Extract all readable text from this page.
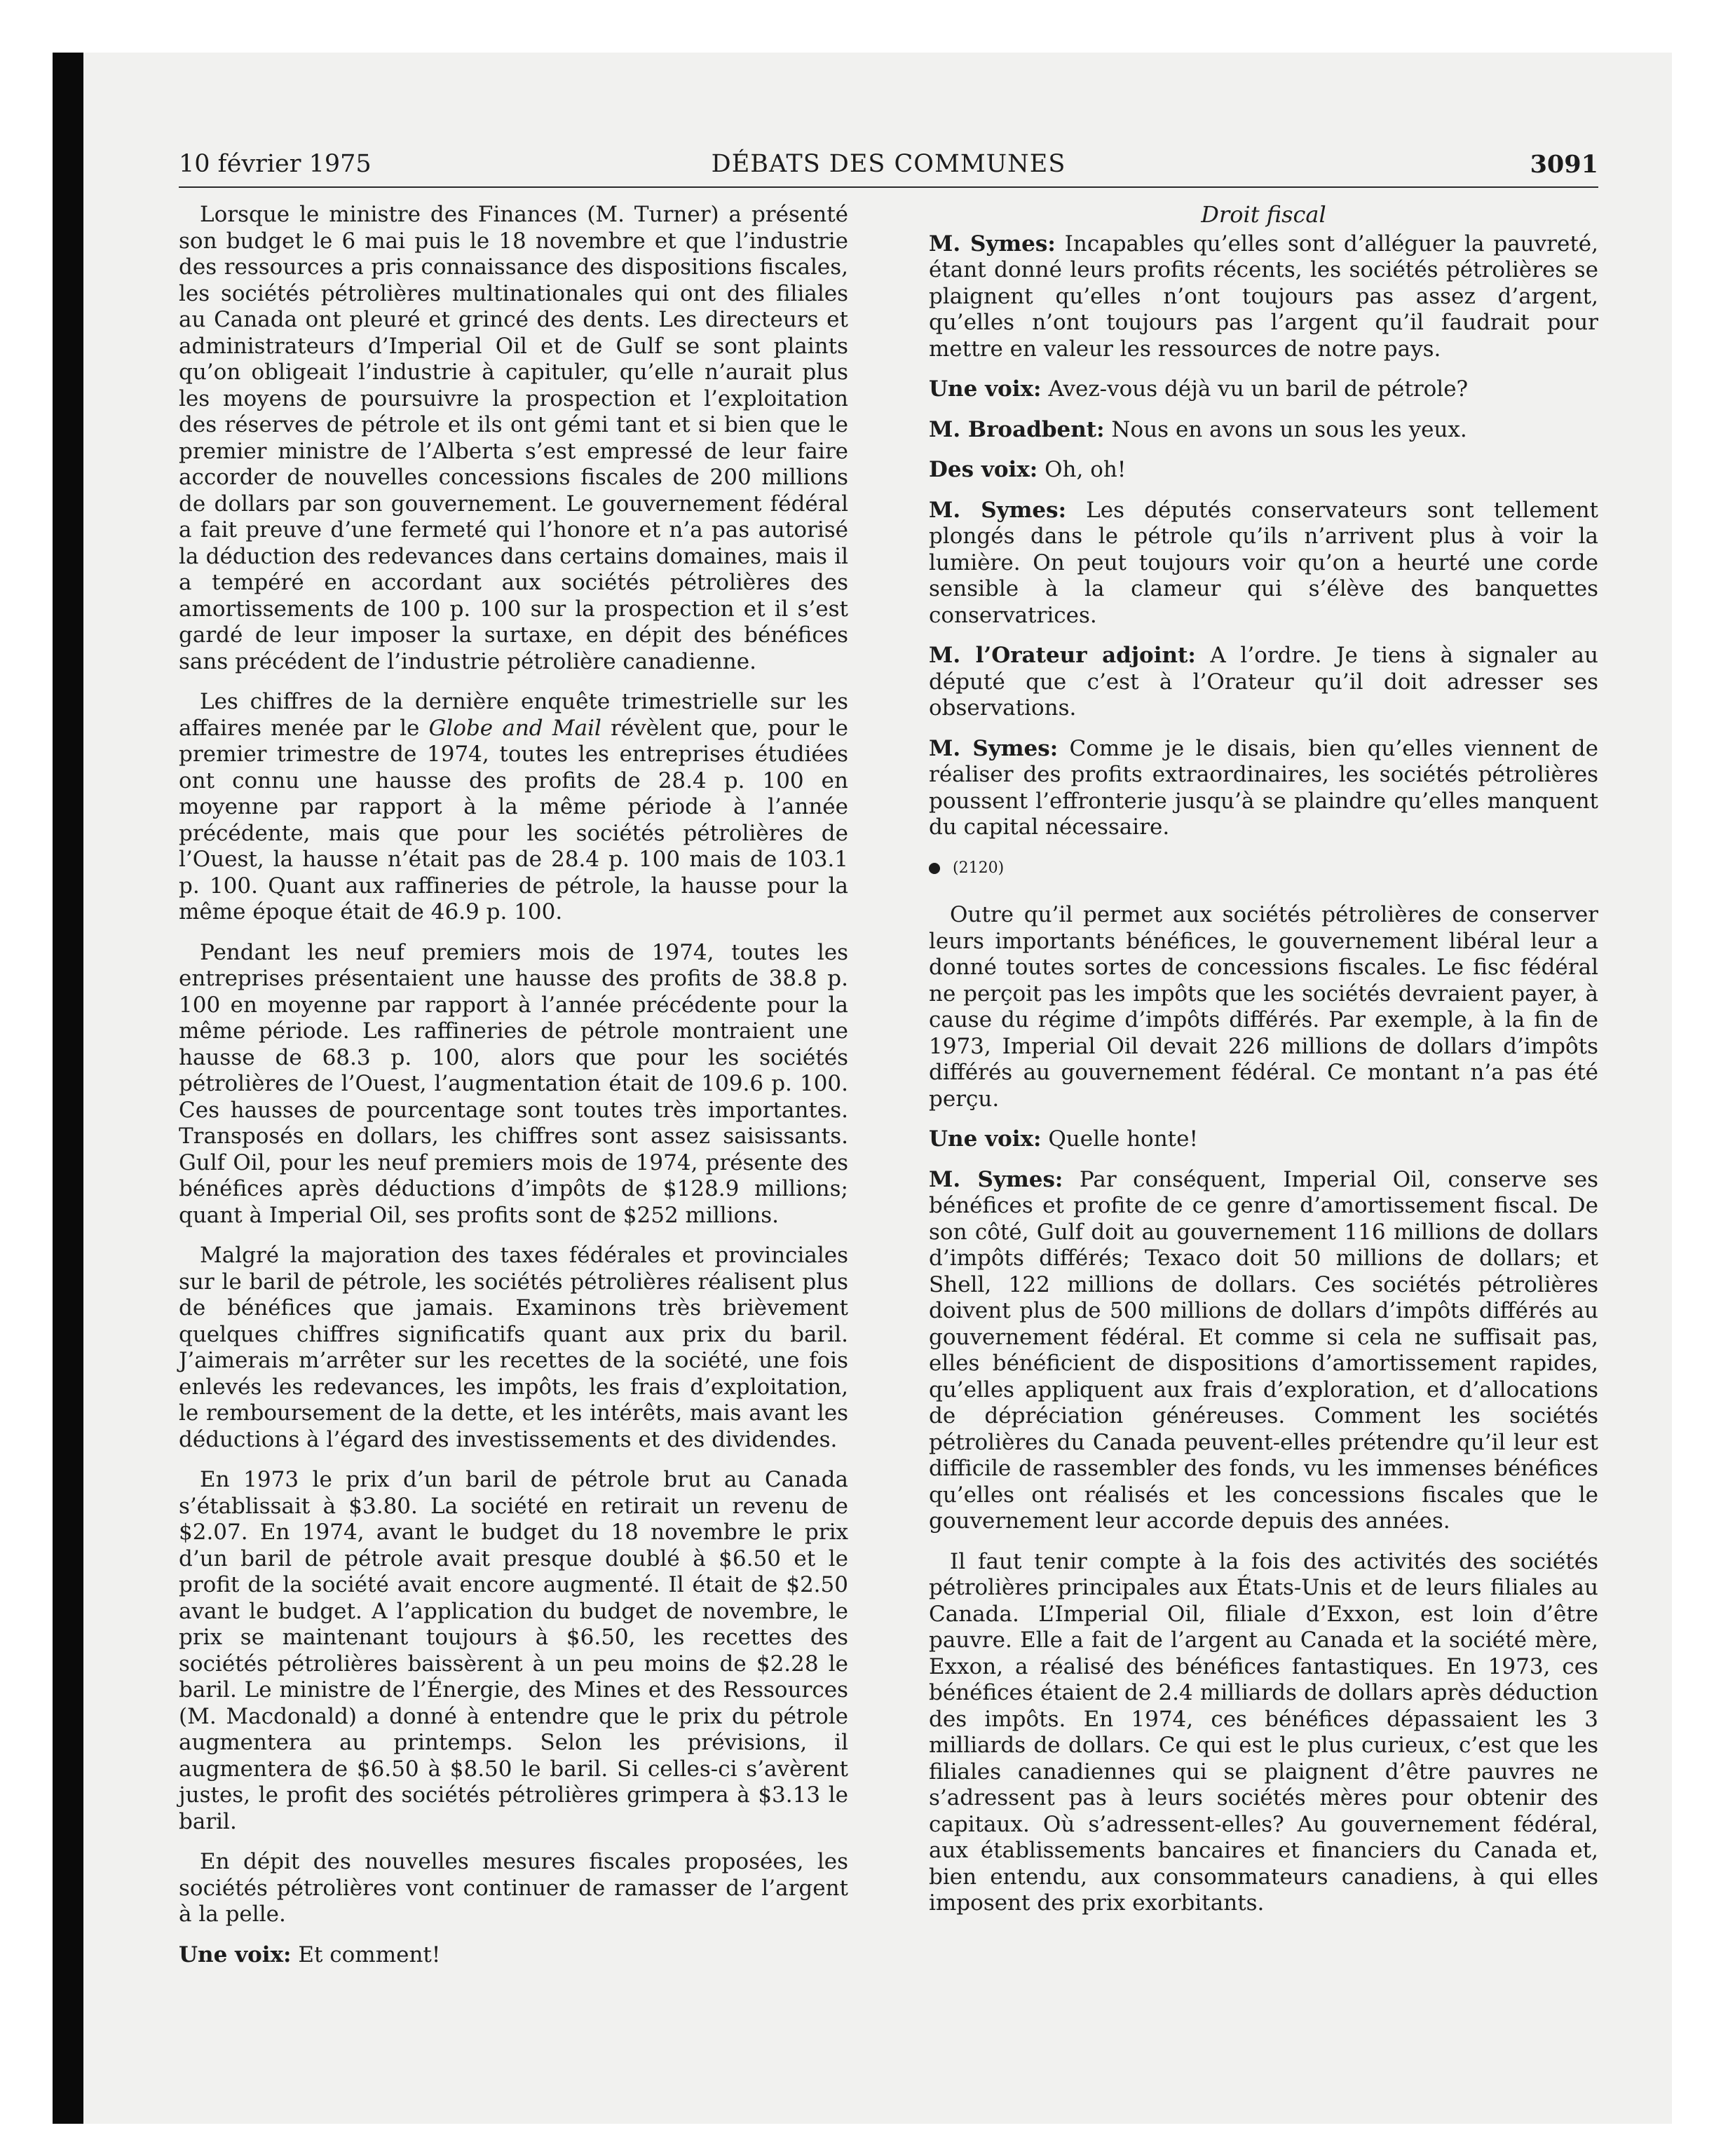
10 février 1975	DÉBATS DES COMMUNES	3091

Lorsque le ministre des Finances (M. Turner) a présenté son budget le 6 mai puis le 18 novembre et que l’industrie des ressources a pris connaissance des dispositions fiscales, les sociétés pétrolières multinationales qui ont des filiales au Canada ont pleuré et grincé des dents. Les directeurs et administrateurs d’Imperial Oil et de Gulf se sont plaints qu’on obligeait l’industrie à capituler, qu’elle n’aurait plus les moyens de poursuivre la prospection et l’exploitation des réserves de pétrole et ils ont gémi tant et si bien que le premier ministre de l’Alberta s’est empressé de leur faire accorder de nouvelles concessions fiscales de 200 millions de dollars par son gouvernement. Le gouvernement fédéral a fait preuve d’une fermeté qui l’honore et n’a pas autorisé la déduction des redevances dans certains domaines, mais il a tempéré en accordant aux sociétés pétrolières des amortissements de 100 p. 100 sur la prospection et il s’est gardé de leur imposer la surtaxe, en dépit des bénéfices sans précédent de l’industrie pétrolière canadienne.

Les chiffres de la dernière enquête trimestrielle sur les affaires menée par le Globe and Mail révèlent que, pour le premier trimestre de 1974, toutes les entreprises étudiées ont connu une hausse des profits de 28.4 p. 100 en moyenne par rapport à la même période à l’année précédente, mais que pour les sociétés pétrolières de l’Ouest, la hausse n’était pas de 28.4 p. 100 mais de 103.1 p. 100. Quant aux raffineries de pétrole, la hausse pour la même époque était de 46.9 p. 100.

Pendant les neuf premiers mois de 1974, toutes les entreprises présentaient une hausse des profits de 38.8 p. 100 en moyenne par rapport à l’année précédente pour la même période. Les raffineries de pétrole montraient une hausse de 68.3 p. 100, alors que pour les sociétés pétrolières de l’Ouest, l’augmentation était de 109.6 p. 100. Ces hausses de pourcentage sont toutes très importantes. Transposés en dollars, les chiffres sont assez saisissants. Gulf Oil, pour les neuf premiers mois de 1974, présente des bénéfices après déductions d’impôts de $128.9 millions; quant à Imperial Oil, ses profits sont de $252 millions.

Malgré la majoration des taxes fédérales et provinciales sur le baril de pétrole, les sociétés pétrolières réalisent plus de bénéfices que jamais. Examinons très brièvement quelques chiffres significatifs quant aux prix du baril. J’aimerais m’arrêter sur les recettes de la société, une fois enlevés les redevances, les impôts, les frais d’exploitation, le remboursement de la dette, et les intérêts, mais avant les déductions à l’égard des investissements et des dividendes.

En 1973 le prix d’un baril de pétrole brut au Canada s’établissait à $3.80. La société en retirait un revenu de $2.07. En 1974, avant le budget du 18 novembre le prix d’un baril de pétrole avait presque doublé à $6.50 et le profit de la société avait encore augmenté. Il était de $2.50 avant le budget. A l’application du budget de novembre, le prix se maintenant toujours à $6.50, les recettes des sociétés pétrolières baissèrent à un peu moins de $2.28 le baril. Le ministre de l’Énergie, des Mines et des Ressources (M. Macdonald) a donné à entendre que le prix du pétrole augmentera au printemps. Selon les prévisions, il augmentera de $6.50 à $8.50 le baril. Si celles-ci s’avèrent justes, le profit des sociétés pétrolières grimpera à $3.13 le baril.

En dépit des nouvelles mesures fiscales proposées, les sociétés pétrolières vont continuer de ramasser de l’argent à la pelle.

Une voix: Et comment!

Droit fiscal

M. Symes: Incapables qu’elles sont d’alléguer la pauvreté, étant donné leurs profits récents, les sociétés pétrolières se plaignent qu’elles n’ont toujours pas assez d’argent, qu’elles n’ont toujours pas l’argent qu’il faudrait pour mettre en valeur les ressources de notre pays.

Une voix: Avez-vous déjà vu un baril de pétrole?

M. Broadbent: Nous en avons un sous les yeux.

Des voix: Oh, oh!

M. Symes: Les députés conservateurs sont tellement plongés dans le pétrole qu’ils n’arrivent plus à voir la lumière. On peut toujours voir qu’on a heurté une corde sensible à la clameur qui s’élève des banquettes conservatrices.

M. l’Orateur adjoint: A l’ordre. Je tiens à signaler au député que c’est à l’Orateur qu’il doit adresser ses observations.

M. Symes: Comme je le disais, bien qu’elles viennent de réaliser des profits extraordinaires, les sociétés pétrolières poussent l’effronterie jusqu’à se plaindre qu’elles manquent du capital nécessaire.

(2120)

Outre qu’il permet aux sociétés pétrolières de conserver leurs importants bénéfices, le gouvernement libéral leur a donné toutes sortes de concessions fiscales. Le fisc fédéral ne perçoit pas les impôts que les sociétés devraient payer, à cause du régime d’impôts différés. Par exemple, à la fin de 1973, Imperial Oil devait 226 millions de dollars d’impôts différés au gouvernement fédéral. Ce montant n’a pas été perçu.

Une voix: Quelle honte!

M. Symes: Par conséquent, Imperial Oil, conserve ses bénéfices et profite de ce genre d’amortissement fiscal. De son côté, Gulf doit au gouvernement 116 millions de dollars d’impôts différés; Texaco doit 50 millions de dollars; et Shell, 122 millions de dollars. Ces sociétés pétrolières doivent plus de 500 millions de dollars d’impôts différés au gouvernement fédéral. Et comme si cela ne suffisait pas, elles bénéficient de dispositions d’amortissement rapides, qu’elles appliquent aux frais d’exploration, et d’allocations de dépréciation généreuses. Comment les sociétés pétrolières du Canada peuvent-elles prétendre qu’il leur est difficile de rassembler des fonds, vu les immenses bénéfices qu’elles ont réalisés et les concessions fiscales que le gouvernement leur accorde depuis des années.

Il faut tenir compte à la fois des activités des sociétés pétrolières principales aux États-Unis et de leurs filiales au Canada. L’Imperial Oil, filiale d’Exxon, est loin d’être pauvre. Elle a fait de l’argent au Canada et la société mère, Exxon, a réalisé des bénéfices fantastiques. En 1973, ces bénéfices étaient de 2.4 milliards de dollars après déduction des impôts. En 1974, ces bénéfices dépassaient les 3 milliards de dollars. Ce qui est le plus curieux, c’est que les filiales canadiennes qui se plaignent d’être pauvres ne s’adressent pas à leurs sociétés mères pour obtenir des capitaux. Où s’adressent-elles? Au gouvernement fédéral, aux établissements bancaires et financiers du Canada et, bien entendu, aux consommateurs canadiens, à qui elles imposent des prix exorbitants.
